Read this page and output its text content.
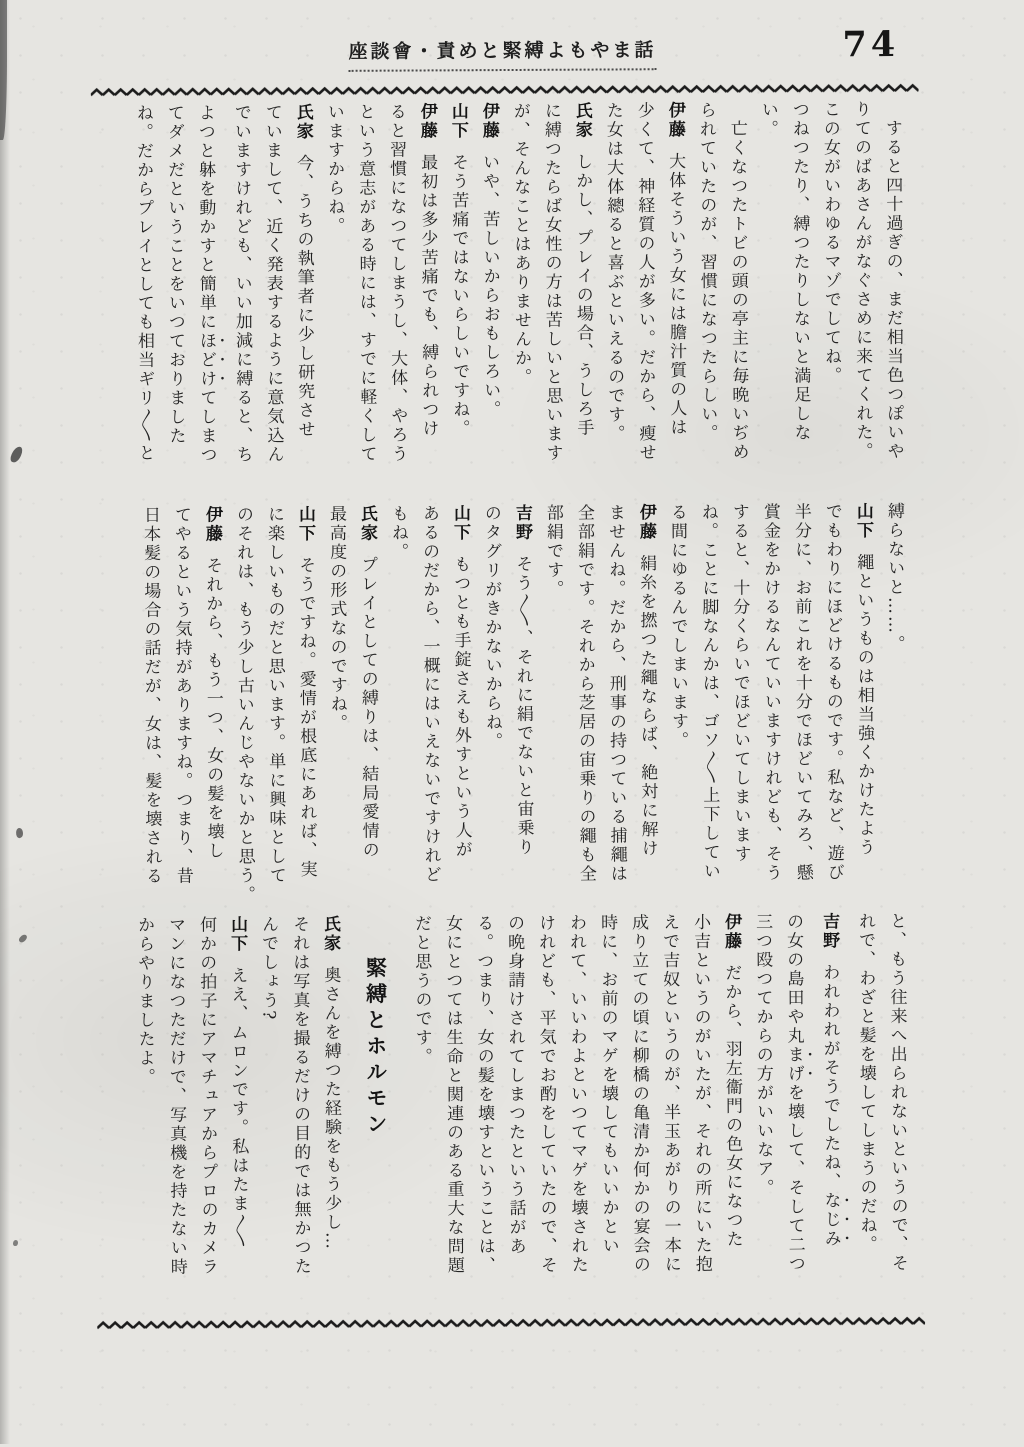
座談會・責めと緊縛よもやま話	74
　すると四十過ぎの、まだ相当色つぽいや
りてのばあさんがなぐさめに来てくれた。
この女がいわゆるマゾでしてね。
つねつたり、縛つたりしないと満足しな
い。
　亡くなつたトビの頭の亭主に毎晩いぢめ
られていたのが、習慣になつたらしい。
伊藤大体そういう女には膽汁質の人は
少くて、神経質の人が多い。だから、瘦せ
た女は大体總ると喜ぶといえるのです。
氏家しかし、プレイの場合、うしろ手
に縛つたらば女性の方は苦しいと思います
が、そんなことはありませんか。
伊藤いや、苦しいからおもしろい。
山下そう苦痛ではないらしいですね。
伊藤最初は多少苦痛でも、縛られつけ
ると習慣になつてしまうし、大体、やろう
という意志がある時には、すでに軽くして
いますからね。
氏家今、うちの執筆者に少し研究させ
ていまして、近く発表するように意気込ん
でいますけれども、いい加減に縛ると、ち
よつと躰を動かすと簡単にほどけてしまつ
てダメだということをいつておりました
ね。だからプレイとしても相当ギリ〱と
縛らないと……。
山下繩というものは相当強くかけたよう
でもわりにほどけるものです。私など、遊び
半分に、お前これを十分でほどいてみろ、懸
賞金をかけるなんていいますけれども、そう
すると、十分くらいでほどいてしまいます
ね。ことに脚なんかは、ゴソ〱上下してい
る間にゆるんでしまいます。
伊藤絹糸を撚つた繩ならば、絶対に解け
ませんね。だから、刑事の持つている捕繩は
全部絹です。それから芝居の宙乗りの繩も全
部絹です。
吉野そう〱、それに絹でないと宙乗り
のタグリがきかないからね。
山下もつとも手錠さえも外すという人が
あるのだから、一概にはいえないですけれど
もね。
氏家プレイとしての縛りは、結局愛情の
最高度の形式なのですね。
山下そうですね。愛情が根底にあれば、実
に楽しいものだと思います。単に興味として
のそれは、もう少し古いんじやないかと思う。
伊藤それから、もう一つ、女の髪を壊し
てやるという気持がありますね。つまり、昔
日本髪の場合の話だが、女は、髪を壊される
と、もう往来へ出られないというので、そ
れで、わざと髪を壊してしまうのだね。
吉野われわれがそうでしたね、なじみ
の女の島田や丸まげを壊して、そして二つ
三つ殴つてからの方がいいなア。
伊藤だから、羽左衞門の色女になつた
小吉というのがいたが、それの所にいた抱
えで吉奴というのが、半玉あがりの一本に
成り立ての頃に柳橋の亀清か何かの宴会の
時に、お前のマゲを壊してもいいかとい
われて、いいわよといつてマゲを壊された
けれども、平気でお酌をしていたので、そ
の晩身請けされてしまつたという話があ
る。つまり、女の髪を壊すということは、
女にとつては生命と関連のある重大な問題
だと思うのです。
緊縛とホルモン
氏家奥さんを縛つた経験をもう少し…
それは写真を撮るだけの目的では無かつた
んでしょう?
山下ええ、ムロンです。私はたま〱
何かの拍子にアマチュアからプロのカメラ
マンになつただけで、写真機を持たない時
からやりましたよ。
